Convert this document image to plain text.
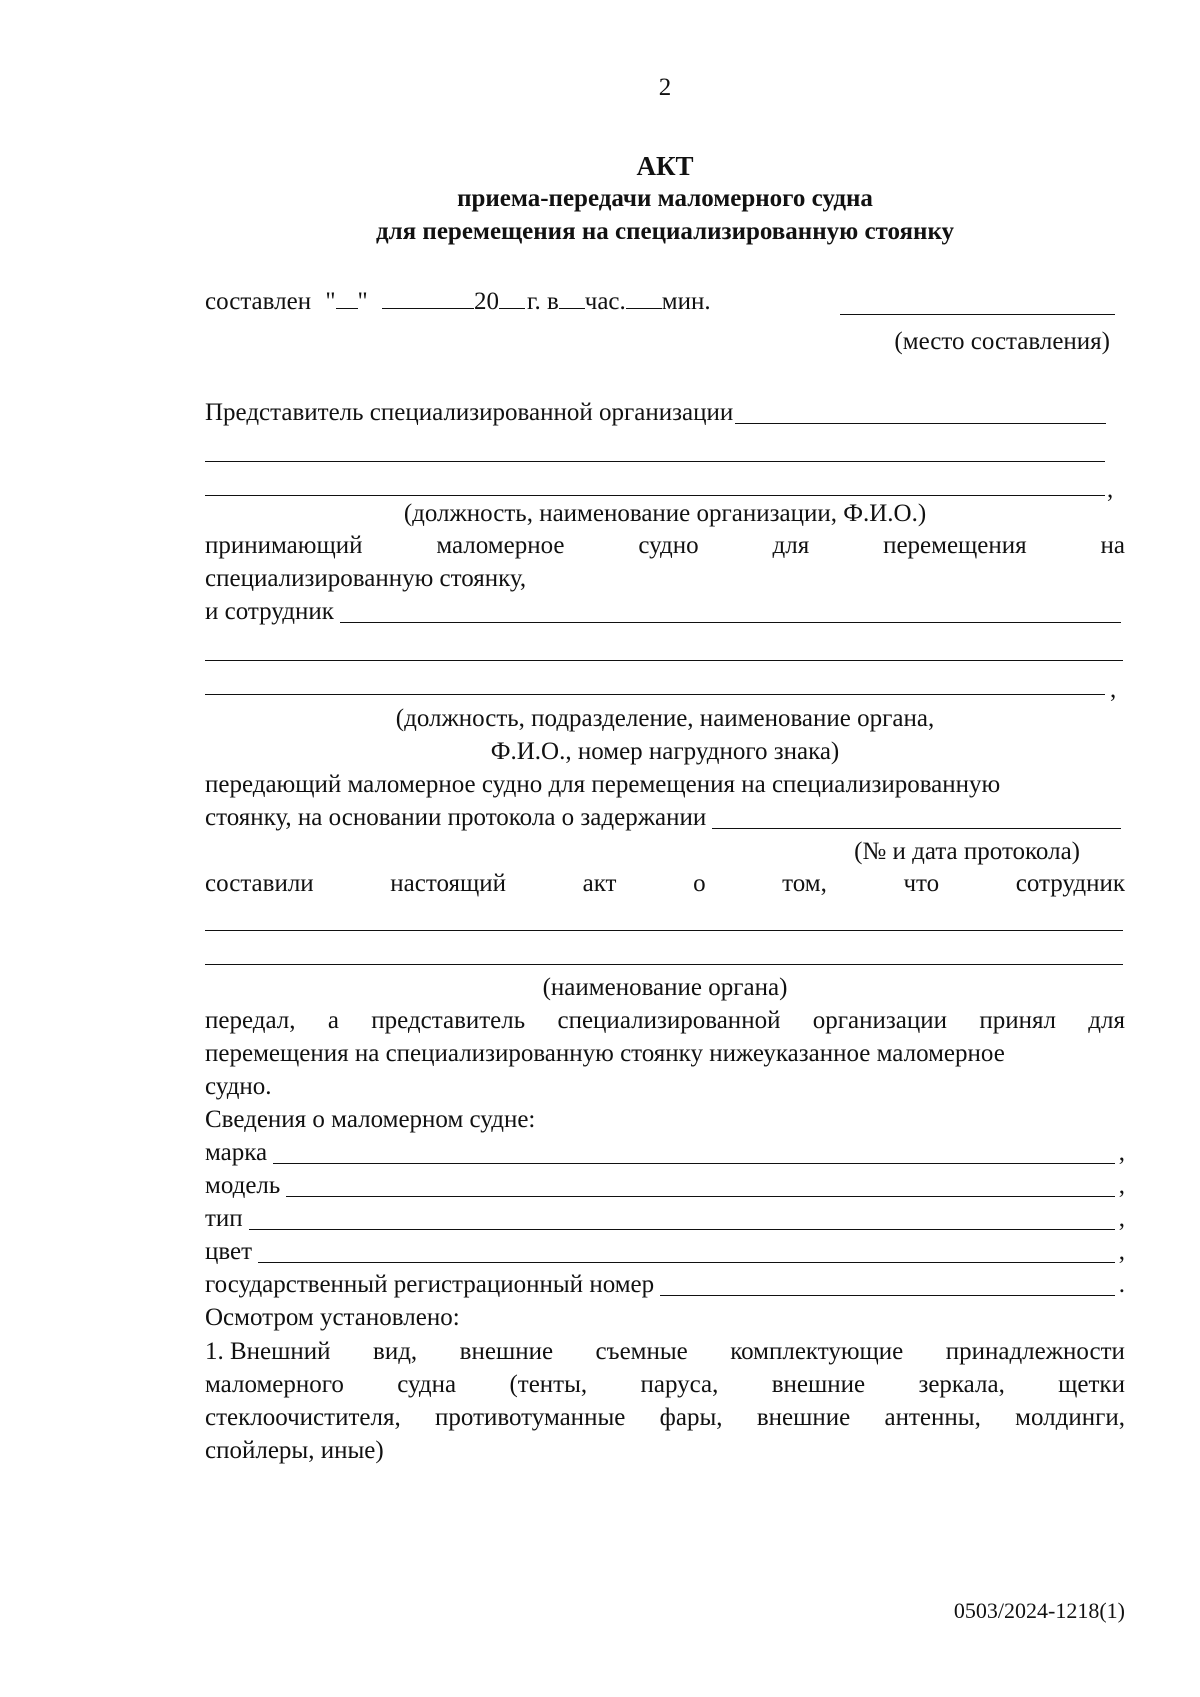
2
АКТ
приема-передачи маломерного судна
для перемещения на специализированную стоянку
составлен " "	20 г. в час. мин.
(место составления)
Представитель специализированной организации
,
(должность, наименование организации, Ф.И.О.)
принимающий	маломерное	судно	для	перемещения	на
специализированную стоянку,
и сотрудник
,
(должность, подразделение, наименование органа,
Ф.И.О., номер нагрудного знака)
передающий маломерное судно для перемещения на специализированную
стоянку, на основании протокола о задержании
(№ и дата протокола)
составили	настоящий	акт	о	том,	что	сотрудник
(наименование органа)
передал, а представитель специализированной организации принял для
перемещения на специализированную стоянку нижеуказанное маломерное
судно.
Сведения о маломерном судне:
марка	,
модель	,
тип	,
цвет	,
государственный регистрационный номер	.
Осмотром установлено:
1. Внешний вид, внешние съемные комплектующие принадлежности
маломерного судна (тенты, паруса, внешние зеркала, щетки
стеклоочистителя, противотуманные фары, внешние антенны, молдинги,
спойлеры, иные)
0503/2024-1218(1)
